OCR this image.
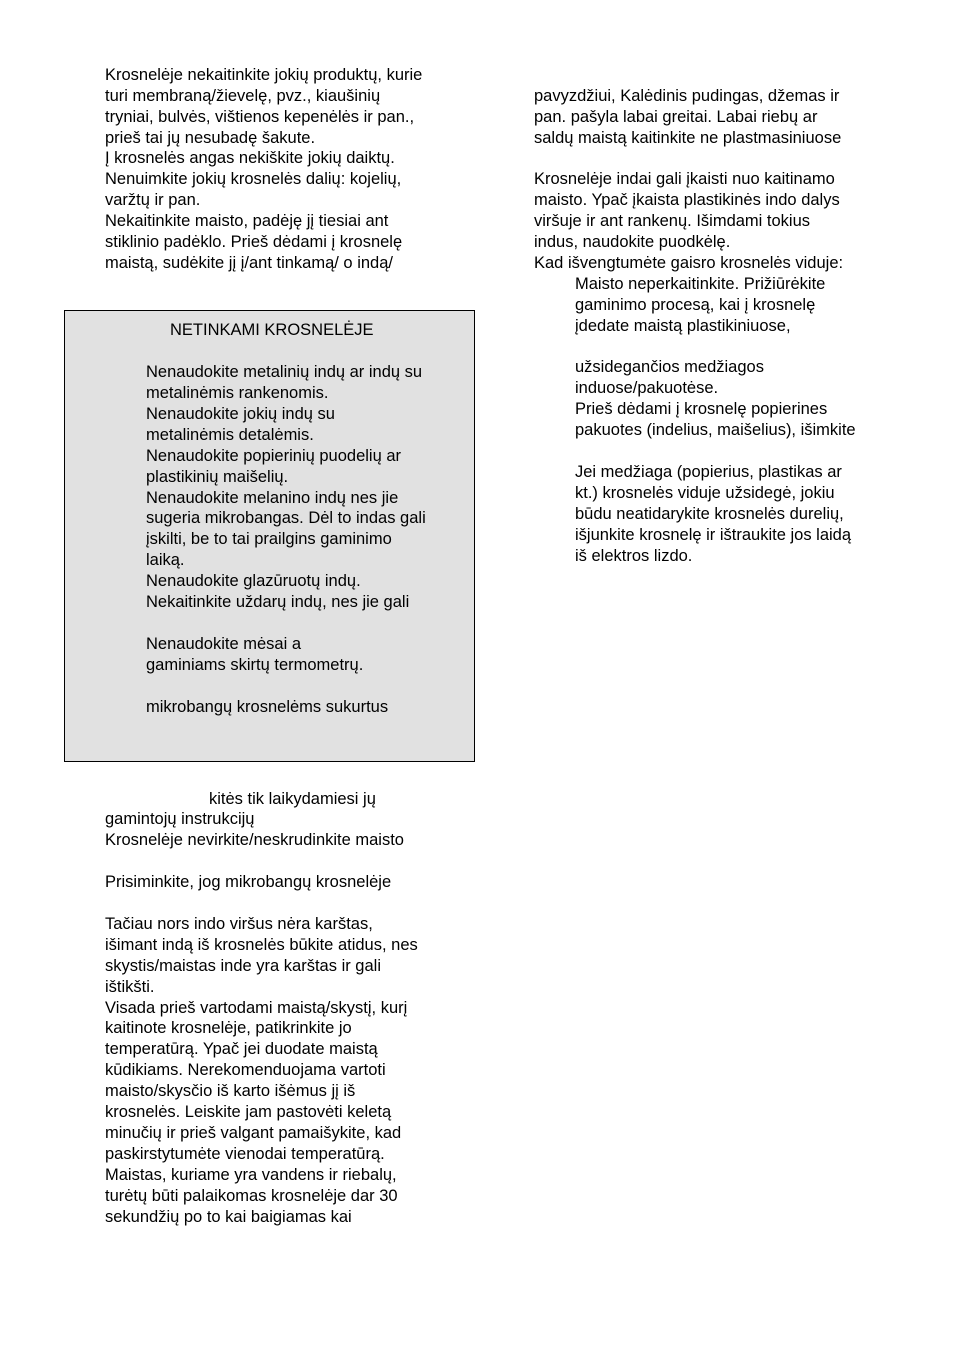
Krosnelėje nekaitinkite jokių produktų, kurie
turi membraną/žievelę, pvz., kiaušinių
tryniai, bulvės, vištienos kepenėlės ir pan.,
prieš tai jų nesubadę šakute.
Į krosnelės angas nekiškite jokių daiktų.
Nenuimkite jokių krosnelės dalių: kojelių,
varžtų ir pan.
Nekaitinkite maisto, padėję jį tiesiai ant
stiklinio padėklo. Prieš dėdami į krosnelę
maistą, sudėkite jį į/ant tinkamą/ o indą/
NETINKAMI KROSNELĖJE
Nenaudokite metalinių indų ar indų su
metalinėmis rankenomis.
Nenaudokite jokių indų su
metalinėmis detalėmis.
Nenaudokite popierinių puodelių ar
plastikinių maišelių.
Nenaudokite melanino indų nes jie
sugeria mikrobangas. Dėl to indas gali
įskilti, be to tai prailgins gaminimo
laiką.
Nenaudokite glazūruotų indų.
Nekaitinkite uždarų indų, nes jie gali
Nenaudokite mėsai a
gaminiams skirtų termometrų.
mikrobangų krosnelėms sukurtus
kitės tik laikydamiesi jų
gamintojų instrukcijų
Krosnelėje nevirkite/neskrudinkite maisto
Prisiminkite, jog mikrobangų krosnelėje
Tačiau nors indo viršus nėra karštas,
išimant indą iš krosnelės būkite atidus, nes
skystis/maistas inde yra karštas ir gali
ištikšti.
Visada prieš vartodami maistą/skystį, kurį
kaitinote krosnelėje, patikrinkite jo
temperatūrą. Ypač jei duodate maistą
kūdikiams. Nerekomenduojama vartoti
maisto/skysčio iš karto išėmus jį iš
krosnelės. Leiskite jam pastovėti keletą
minučių ir prieš valgant pamaišykite, kad
paskirstytumėte vienodai temperatūrą.
Maistas, kuriame yra vandens ir riebalų,
turėtų būti palaikomas krosnelėje dar 30
sekundžių po to kai baigiamas kai
pavyzdžiui, Kalėdinis pudingas, džemas ir
pan. pašyla labai greitai. Labai riebų ar
saldų maistą kaitinkite ne plastmasiniuose
Krosnelėje indai gali įkaisti nuo kaitinamo
maisto. Ypač įkaista plastikinės indo dalys
viršuje ir ant rankenų. Išimdami tokius
indus, naudokite puodkėlę.
Kad išvengtumėte gaisro krosnelės viduje:
Maisto neperkaitinkite. Prižiūrėkite
gaminimo procesą, kai į krosnelę
įdedate maistą plastikiniuose,
užsidegančios medžiagos
induose/pakuotėse.
Prieš dėdami į krosnelę popierines
pakuotes (indelius, maišelius), išimkite
Jei medžiaga (popierius, plastikas ar
kt.) krosnelės viduje užsidegė, jokiu
būdu neatidarykite krosnelės durelių,
išjunkite krosnelę ir ištraukite jos laidą
iš elektros lizdo.
